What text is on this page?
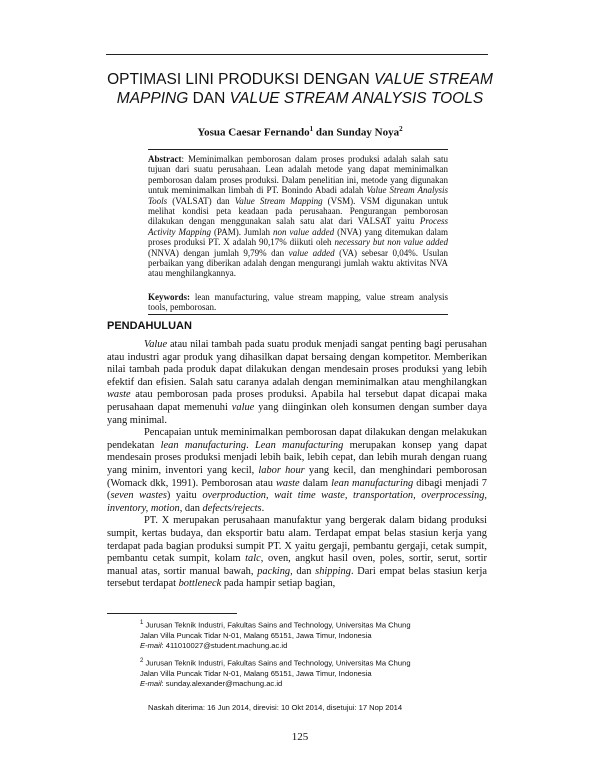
OPTIMASI LINI PRODUKSI DENGAN VALUE STREAM
MAPPING DAN VALUE STREAM ANALYSIS TOOLS
Yosua Caesar Fernando$^1$ dan Sunday Noya$^2$
Abstract: Meminimalkan pemborosan dalam proses produksi adalah salah satu tujuan dari suatu perusahaan. Lean adalah metode yang dapat meminimalkan pemborosan dalam proses produksi. Dalam penelitian ini, metode yang digunakan untuk meminimalkan limbah di PT. Bonindo Abadi adalah Value Stream Analysis Tools (VALSAT) dan Value Stream Mapping (VSM). VSM digunakan untuk melihat kondisi peta keadaan pada perusahaan. Pengurangan pemborosan dilakukan dengan menggunakan salah satu alat dari VALSAT yaitu Process Activity Mapping (PAM). Jumlah non value added (NVA) yang ditemukan dalam proses produksi PT. X adalah 90,17% diikuti oleh necessary but non value added (NNVA) dengan jumlah 9,79% dan value added (VA) sebesar 0,04%. Usulan perbaikan yang diberikan adalah dengan mengurangi jumlah waktu aktivitas NVA atau menghilangkannya.
Keywords: lean manufacturing, value stream mapping, value stream analysis tools, pemborosan.
PENDAHULUAN

Value atau nilai tambah pada suatu produk menjadi sangat penting bagi perusahan atau industri agar produk yang dihasilkan dapat bersaing dengan kompetitor. Memberikan nilai tambah pada produk dapat dilakukan dengan mendesain proses produksi yang lebih efektif dan efisien. Salah satu caranya adalah dengan meminimalkan atau menghilangkan waste atau pemborosan pada proses produksi. Apabila hal tersebut dapat dicapai maka perusahaan dapat memenuhi value yang diinginkan oleh konsumen dengan sumber daya yang minimal.

Pencapaian untuk meminimalkan pemborosan dapat dilakukan dengan melakukan pendekatan lean manufacturing. Lean manufacturing merupakan konsep yang dapat mendesain proses produksi menjadi lebih baik, lebih cepat, dan lebih murah dengan ruang yang minim, inventori yang kecil, labor hour yang kecil, dan menghindari pemborosan (Womack dkk, 1991). Pemborosan atau waste dalam lean manufacturing dibagi menjadi 7 (seven wastes) yaitu overproduction, wait time waste, transportation, overprocessing, inventory, motion, dan defects/rejects.

PT. X merupakan perusahaan manufaktur yang bergerak dalam bidang produksi sumpit, kertas budaya, dan eksportir batu alam. Terdapat empat belas stasiun kerja yang terdapat pada bagian produksi sumpit PT. X yaitu gergaji, pembantu gergaji, cetak sumpit, pembantu cetak sumpit, kolam talc, oven, angkut hasil oven, poles, sortir, serut, sortir manual atas, sortir manual bawah, packing, dan shipping. Dari empat belas stasiun kerja tersebut terdapat bottleneck pada hampir setiap bagian,

$^1$ Jurusan Teknik Industri, Fakultas Sains and Technology, Universitas Ma Chung
Jalan Villa Puncak Tidar N-01, Malang 65151, Jawa Timur, Indonesia
E-mail: 411010027@student.machung.ac.id
$^2$ Jurusan Teknik Industri, Fakultas Sains and Technology, Universitas Ma Chung
Jalan Villa Puncak Tidar N-01, Malang 65151, Jawa Timur, Indonesia
E-mail: sunday.alexander@machung.ac.id
Naskah diterima: 16 Jun 2014, direvisi: 10 Okt 2014, disetujui: 17 Nop 2014
125
